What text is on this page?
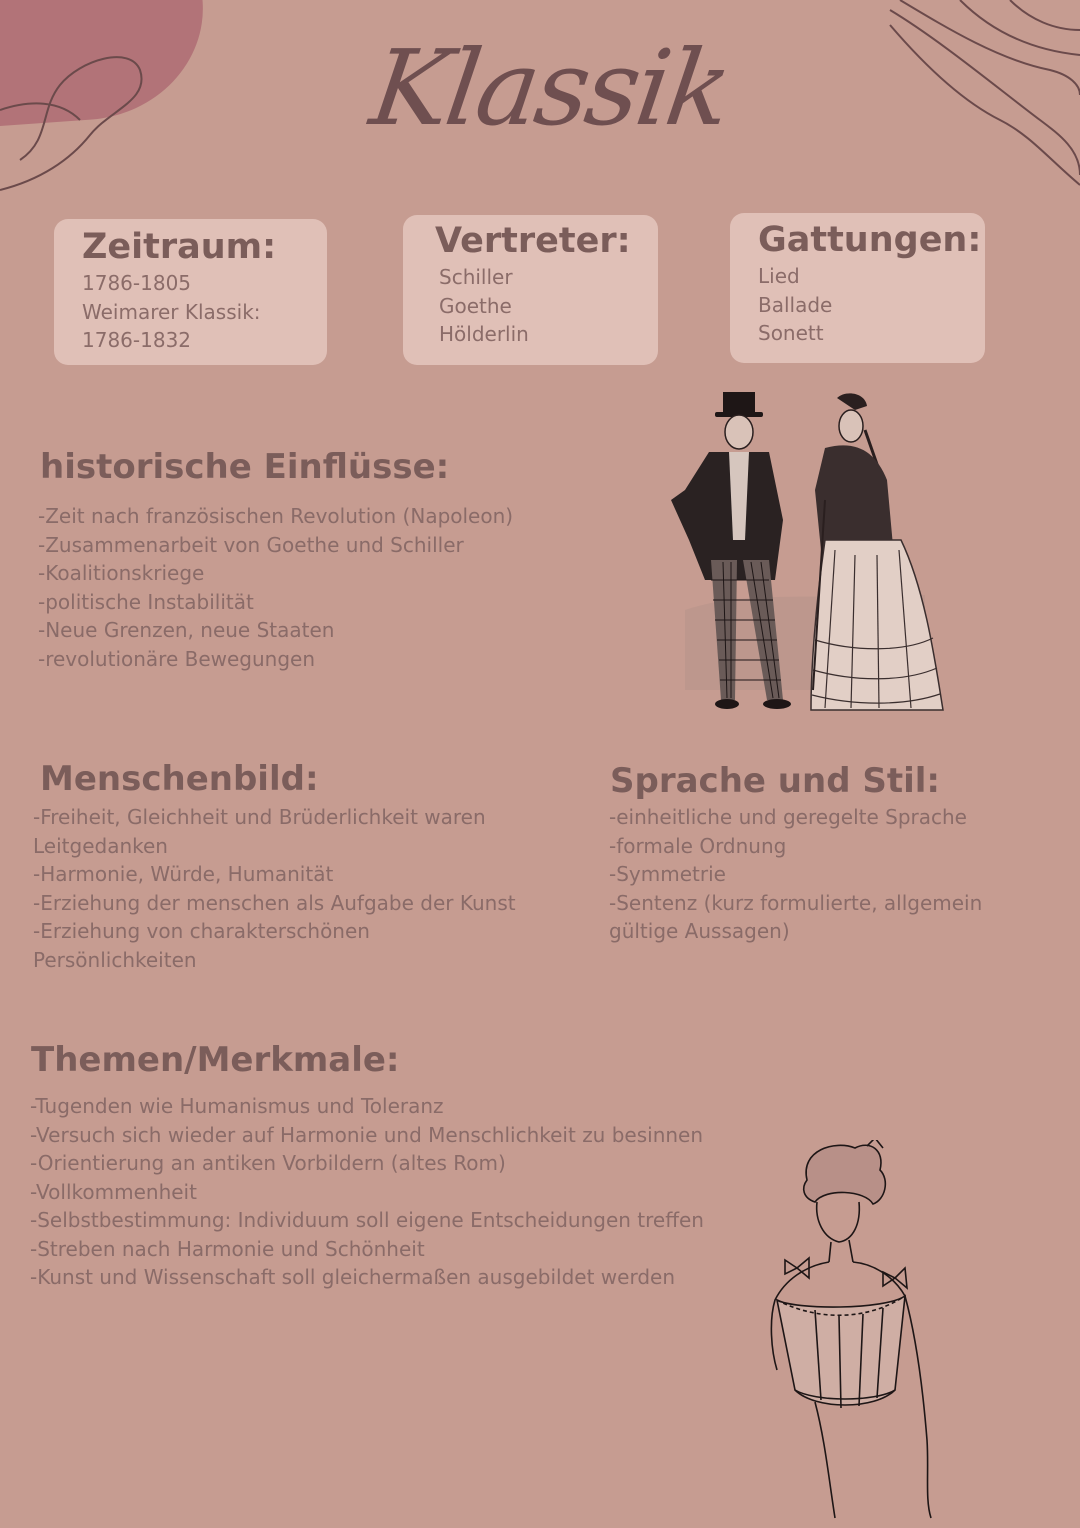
Klassik
Zeitraum:
1786-1805
Weimarer Klassik:
1786-1832
Vertreter:
Schiller
Goethe
Hölderlin
Gattungen:
Lied
Ballade
Sonett
historische Einflüsse:
-Zeit nach französischen Revolution (Napoleon)
-Zusammenarbeit von Goethe und Schiller
-Koalitionskriege
-politische Instabilität
-Neue Grenzen, neue Staaten
-revolutionäre Bewegungen
Menschenbild:
-Freiheit, Gleichheit und Brüderlichkeit waren Leitgedanken
-Harmonie, Würde, Humanität
-Erziehung der menschen als Aufgabe der Kunst
-Erziehung von charakterschönen Persönlichkeiten
Sprache und Stil:
-einheitliche und geregelte Sprache
-formale Ordnung
-Symmetrie
-Sentenz (kurz formulierte, allgemein gültige Aussagen)
Themen/Merkmale:
-Tugenden wie Humanismus und Toleranz
-Versuch sich wieder auf Harmonie und Menschlichkeit zu besinnen
-Orientierung an antiken Vorbildern (altes Rom)
-Vollkommenheit
-Selbstbestimmung: Individuum soll eigene Entscheidungen treffen
-Streben nach Harmonie und Schönheit
-Kunst und Wissenschaft soll gleichermaßen ausgebildet werden
